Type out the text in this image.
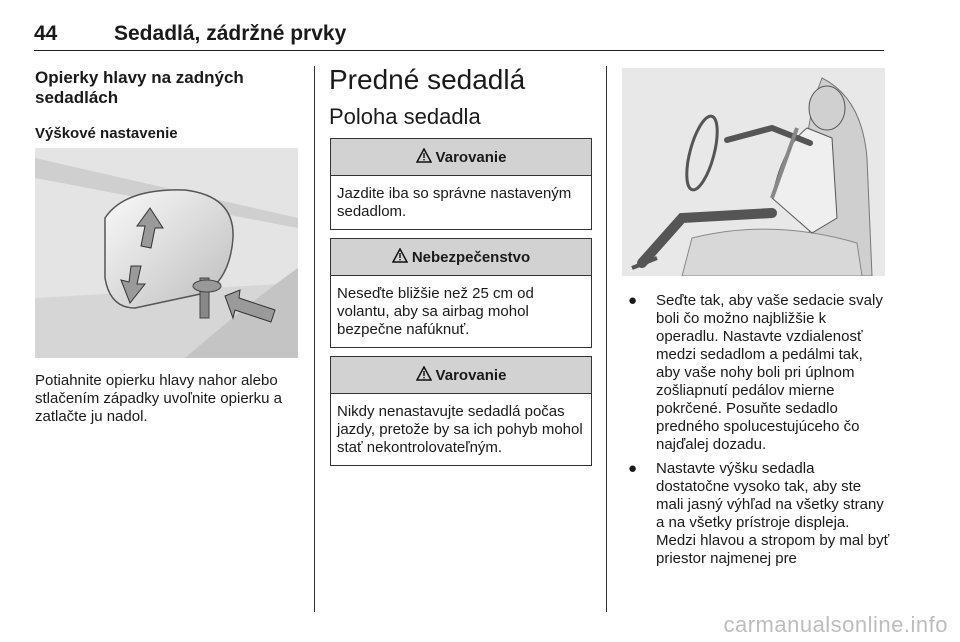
44	Sedadlá, zádržné prvky
Opierky hlavy na zadných sedadlách
Výškové nastavenie
Potiahnite opierku hlavy nahor alebo stlačením západky uvoľnite opierku a zatlačte ju nadol.
Predné sedadlá
Poloha sedadla
Varovanie
Jazdite iba so správne nastaveným sedadlom.
Nebezpečenstvo
Neseďte bližšie než 25 cm od volantu, aby sa airbag mohol bezpečne nafúknuť.
Varovanie
Nikdy nenastavujte sedadlá počas jazdy, pretože by sa ich pohyb mohol stať nekontrolovateľným.
● Seďte tak, aby vaše sedacie svaly boli čo možno najbližšie k operadlu. Nastavte vzdialenosť medzi sedadlom a pedálmi tak, aby vaše nohy boli pri úplnom zošliapnutí pedálov mierne pokrčené. Posuňte sedadlo predného spolucestujúceho čo najďalej dozadu.
● Nastavte výšku sedadla dostatočne vysoko tak, aby ste mali jasný výhľad na všetky strany a na všetky prístroje displeja. Medzi hlavou a stropom by mal byť priestor najmenej pre
carmanualsonline.info
